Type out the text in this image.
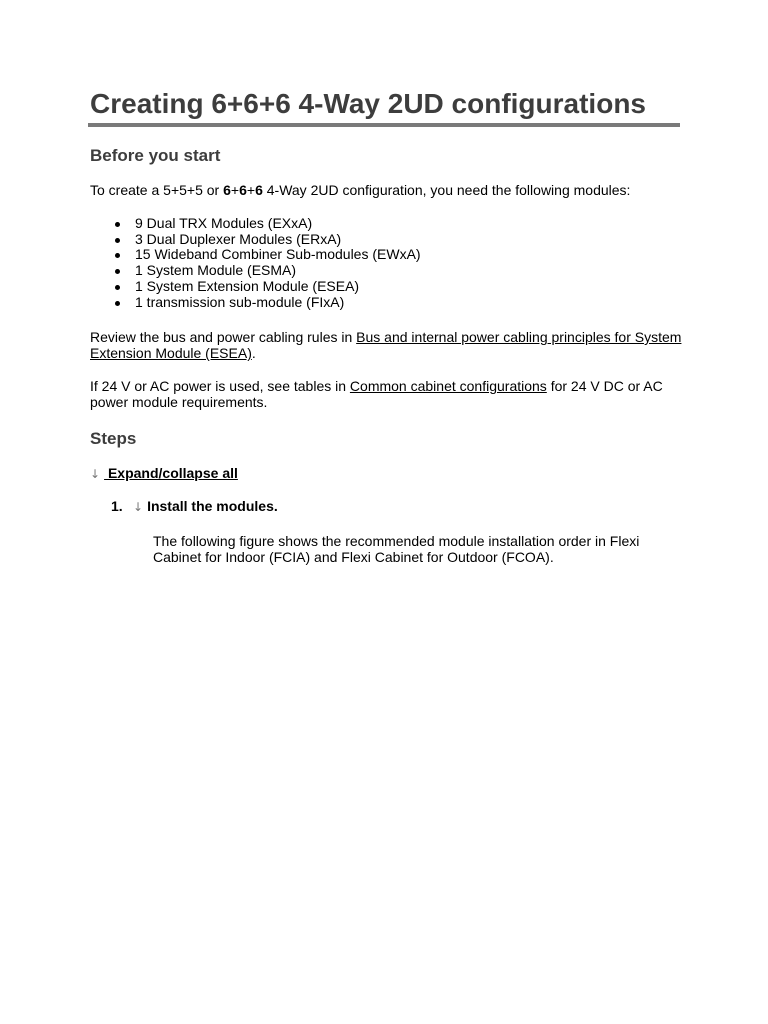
Creating 6+6+6 4-Way 2UD configurations
Before you start

To create a 5+5+5 or 6+6+6 4-Way 2UD configuration, you need the following modules:

9 Dual TRX Modules (EXxA)
3 Dual Duplexer Modules (ERxA)
15 Wideband Combiner Sub-modules (EWxA)
1 System Module (ESMA)
1 System Extension Module (ESEA)
1 transmission sub-module (FIxA)

Review the bus and power cabling rules in Bus and internal power cabling principles for System
Extension Module (ESEA).

If 24 V or AC power is used, see tables in Common cabinet configurations for 24 V DC or AC
power module requirements.

Steps
↓ Expand/collapse all
1. ↓ Install the modules.

The following figure shows the recommended module installation order in Flexi
Cabinet for Indoor (FCIA) and Flexi Cabinet for Outdoor (FCOA).
